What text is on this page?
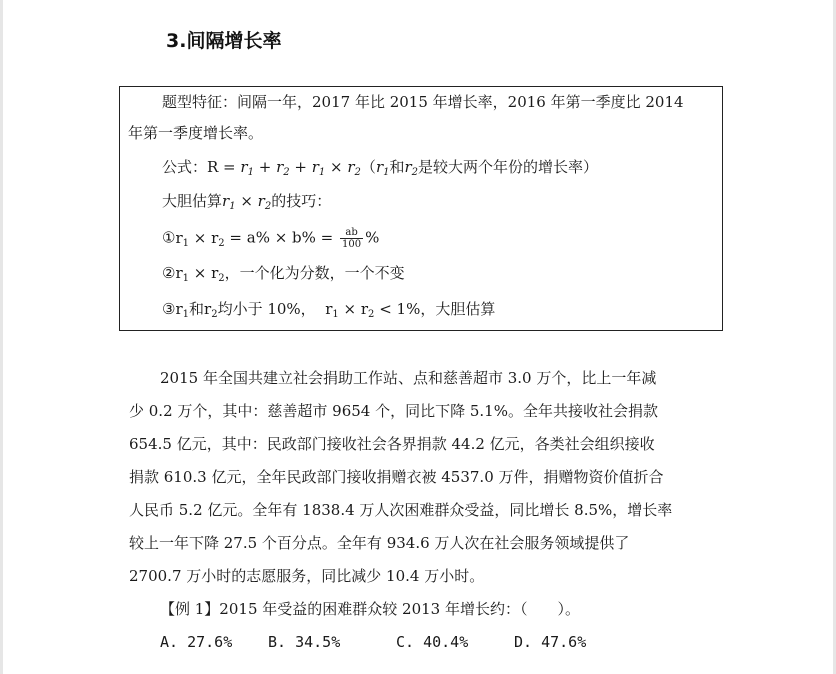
3.间隔增长率
题型特征：间隔一年，2017 年比 2015 年增长率，2016 年第一季度比 2014
年第一季度增长率。
公式：$R = r_1 + r_2 + r_1 \times r_2(r_1$和$r_2$是较大两个年份的增长率）
大胆估算$r_1 \times r_2$的技巧：
$①r_1 \times r_2 = a\% \times b\% = \frac{ab}{100}$ %
$②r_1 \times r_2$，一个化为分数，一个不变
$③r_1$和$r_2$均小于 10%， $r_1 \times r_2 < 1\%$，大胆估算
2015 年全国共建立社会捐助工作站、点和慈善超市 3.0 万个，比上一年减
少 0.2 万个，其中：慈善超市 9654 个，同比下降 5.1%。全年共接收社会捐款
654.5 亿元，其中：民政部门接收社会各界捐款 44.2 亿元，各类社会组织接收
捐款 610.3 亿元，全年民政部门接收捐赠衣被 4537.0 万件，捐赠物资价值折合
人民币 5.2 亿元。全年有 1838.4 万人次困难群众受益，同比增长 8.5%，增长率
较上一年下降 27.5 个百分点。全年有 934.6 万人次在社会服务领域提供了
2700.7 万小时的志愿服务，同比减少 10.4 万小时。
【例 1】2015 年受益的困难群众较 2013 年增长约：（　　）。
A. 27.6% B. 34.5%	C. 40.4%	D. 47.6%
